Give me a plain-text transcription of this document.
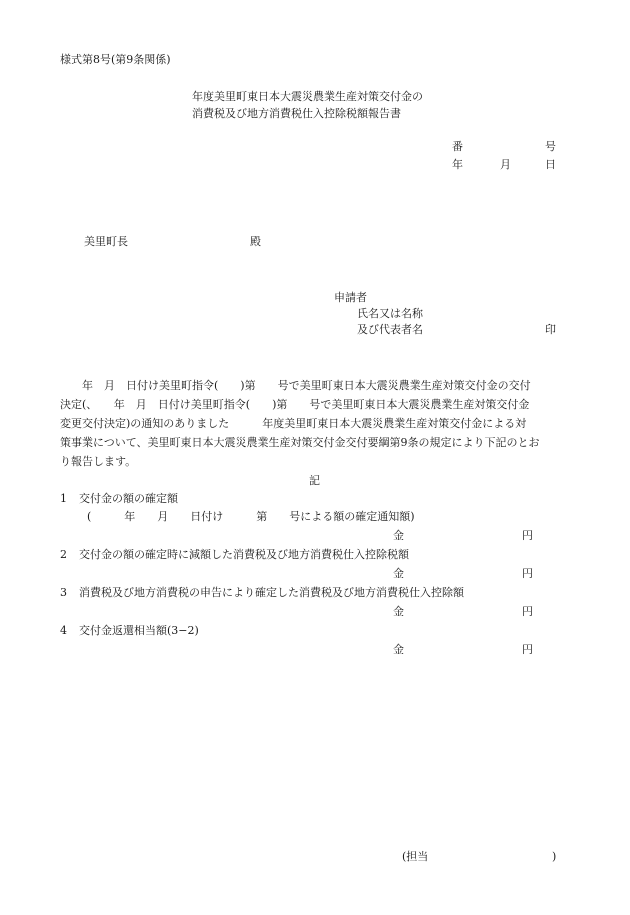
様式第8号(第9条関係)
年度美里町東日本大震災農業生産対策交付金の
消費税及び地方消費税仕入控除税額報告書
番	号
年	月	日
美里町長	殿
申請者
氏名又は名称
及び代表者名	印
　　年　月　日付け美里町指令(　　)第　　号で美里町東日本大震災農業生産対策交付金の交付
決定(、　　年　月　日付け美里町指令(　　)第　　号で美里町東日本大震災農業生産対策交付金
変更交付決定)の通知のありました　　　年度美里町東日本大震災農業生産対策交付金による対
策事業について、美里町東日本大震災農業生産対策交付金交付要綱第9条の規定により下記のとお
り報告します。
記
1 交付金の額の確定額
(　　　年　　月　　日付け　　　第　　号による額の確定通知額)
金	円
2 交付金の額の確定時に減額した消費税及び地方消費税仕入控除税額
金	円
3 消費税及び地方消費税の申告により確定した消費税及び地方消費税仕入控除額
金	円
4 交付金返還相当額(3−2)
金	円
(担当	)
